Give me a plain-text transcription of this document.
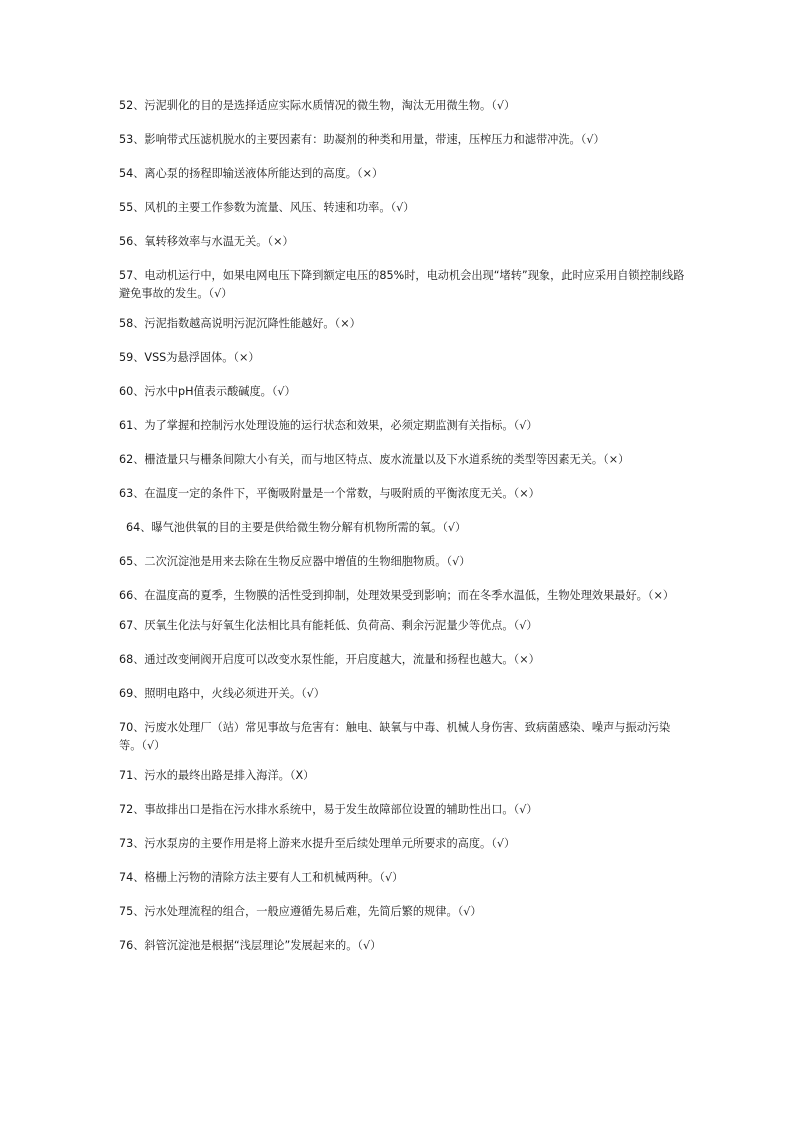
52、污泥驯化的目的是选择适应实际水质情况的微生物，淘汰无用微生物。（√）
53、影响带式压滤机脱水的主要因素有：助凝剂的种类和用量，带速，压榨压力和滤带冲洗。（√）
54、离心泵的扬程即输送液体所能达到的高度。（×）
55、风机的主要工作参数为流量、风压、转速和功率。（√）
56、氧转移效率与水温无关。（×）
57、电动机运行中，如果电网电压下降到额定电压的85%时，电动机会出现“堵转”现象，此时应采用自锁控制线路避免事故的发生。（√）
58、污泥指数越高说明污泥沉降性能越好。（×）
59、VSS为悬浮固体。（×）
60、污水中pH值表示酸碱度。（√）
61、为了掌握和控制污水处理设施的运行状态和效果，必须定期监测有关指标。（√）
62、栅渣量只与栅条间隙大小有关，而与地区特点、废水流量以及下水道系统的类型等因素无关。（×）
63、在温度一定的条件下，平衡吸附量是一个常数，与吸附质的平衡浓度无关。（×）
64、曝气池供氧的目的主要是供给微生物分解有机物所需的氧。（√）
65、二次沉淀池是用来去除在生物反应器中增值的生物细胞物质。（√）
66、在温度高的夏季，生物膜的活性受到抑制，处理效果受到影响；而在冬季水温低，生物处理效果最好。（×）
67、厌氧生化法与好氧生化法相比具有能耗低、负荷高、剩余污泥量少等优点。（√）
68、通过改变闸阀开启度可以改变水泵性能，开启度越大，流量和扬程也越大。（×）
69、照明电路中，火线必须进开关。（√）
70、污废水处理厂（站）常见事故与危害有：触电、缺氧与中毒、机械人身伤害、致病菌感染、噪声与振动污染等。（√）
71、污水的最终出路是排入海洋。（X）
72、事故排出口是指在污水排水系统中，易于发生故障部位设置的辅助性出口。（√）
73、污水泵房的主要作用是将上游来水提升至后续处理单元所要求的高度。（√）
74、格栅上污物的清除方法主要有人工和机械两种。（√）
75、污水处理流程的组合，一般应遵循先易后难，先简后繁的规律。（√）
76、斜管沉淀池是根据“浅层理论”发展起来的。（√）
